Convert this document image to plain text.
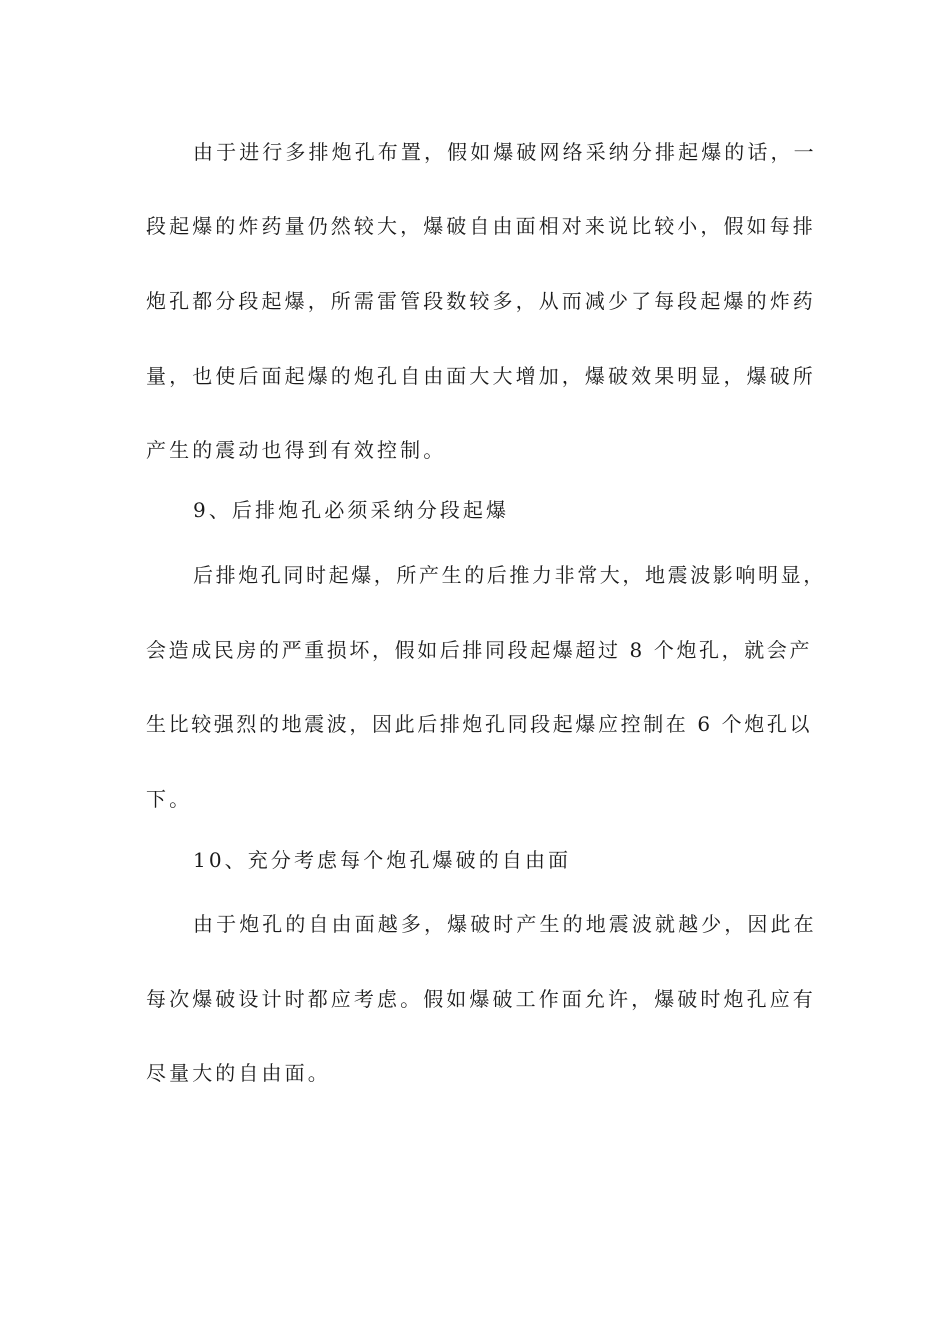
由于进行多排炮孔布置，假如爆破网络采纳分排起爆的话，一
段起爆的炸药量仍然较大，爆破自由面相对来说比较小，假如每排
炮孔都分段起爆，所需雷管段数较多，从而减少了每段起爆的炸药
量，也使后面起爆的炮孔自由面大大增加，爆破效果明显，爆破所
产生的震动也得到有效控制。
9、后排炮孔必须采纳分段起爆
后排炮孔同时起爆，所产生的后推力非常大，地震波影响明显，
会造成民房的严重损坏，假如后排同段起爆超过 8 个炮孔，就会产
生比较强烈的地震波，因此后排炮孔同段起爆应控制在 6 个炮孔以
下。
10、充分考虑每个炮孔爆破的自由面
由于炮孔的自由面越多，爆破时产生的地震波就越少，因此在
每次爆破设计时都应考虑。假如爆破工作面允许，爆破时炮孔应有
尽量大的自由面。
